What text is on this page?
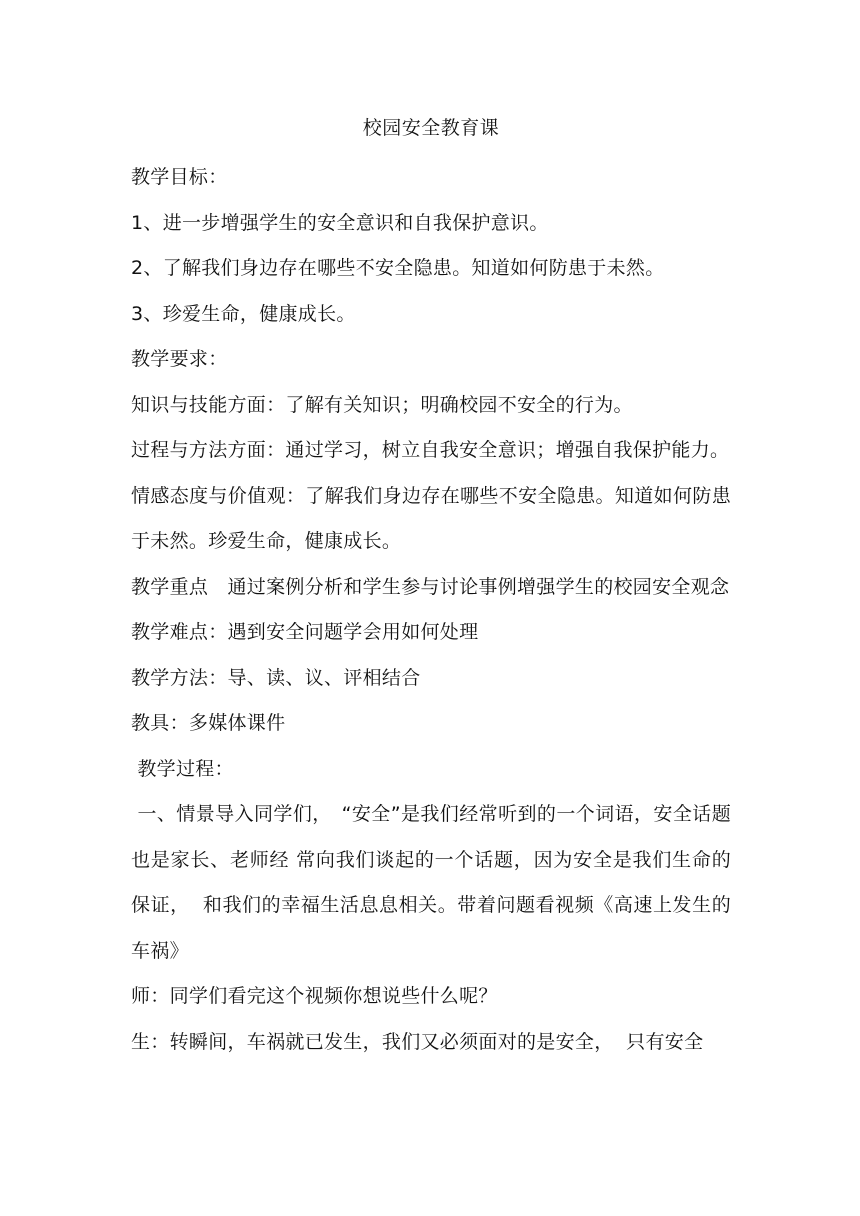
校园安全教育课

教学目标：

1、进一步增强学生的安全意识和自我保护意识。

2、了解我们身边存在哪些不安全隐患。知道如何防患于未然。

3、珍爱生命，健康成长。

教学要求：

知识与技能方面：了解有关知识；明确校园不安全的行为。

过程与方法方面：通过学习，树立自我安全意识；增强自我保护能力。

情感态度与价值观：了解我们身边存在哪些不安全隐患。知道如何防患于未然。珍爱生命，健康成长。

教学重点　通过案例分析和学生参与讨论事例增强学生的校园安全观念

教学难点：遇到安全问题学会用如何处理

教学方法：导、读、议、评相结合

教具：多媒体课件

教学过程：

一、情景导入同学们，　“安全”是我们经常听到的一个词语，安全话题也是家长、老师经 常向我们谈起的一个话题，因为安全是我们生命的保证，  和我们的幸福生活息息相关。带着问题看视频《高速上发生的车祸》

师：同学们看完这个视频你想说些什么呢？

生：转瞬间，车祸就已发生，我们又必须面对的是安全，  只有安全
